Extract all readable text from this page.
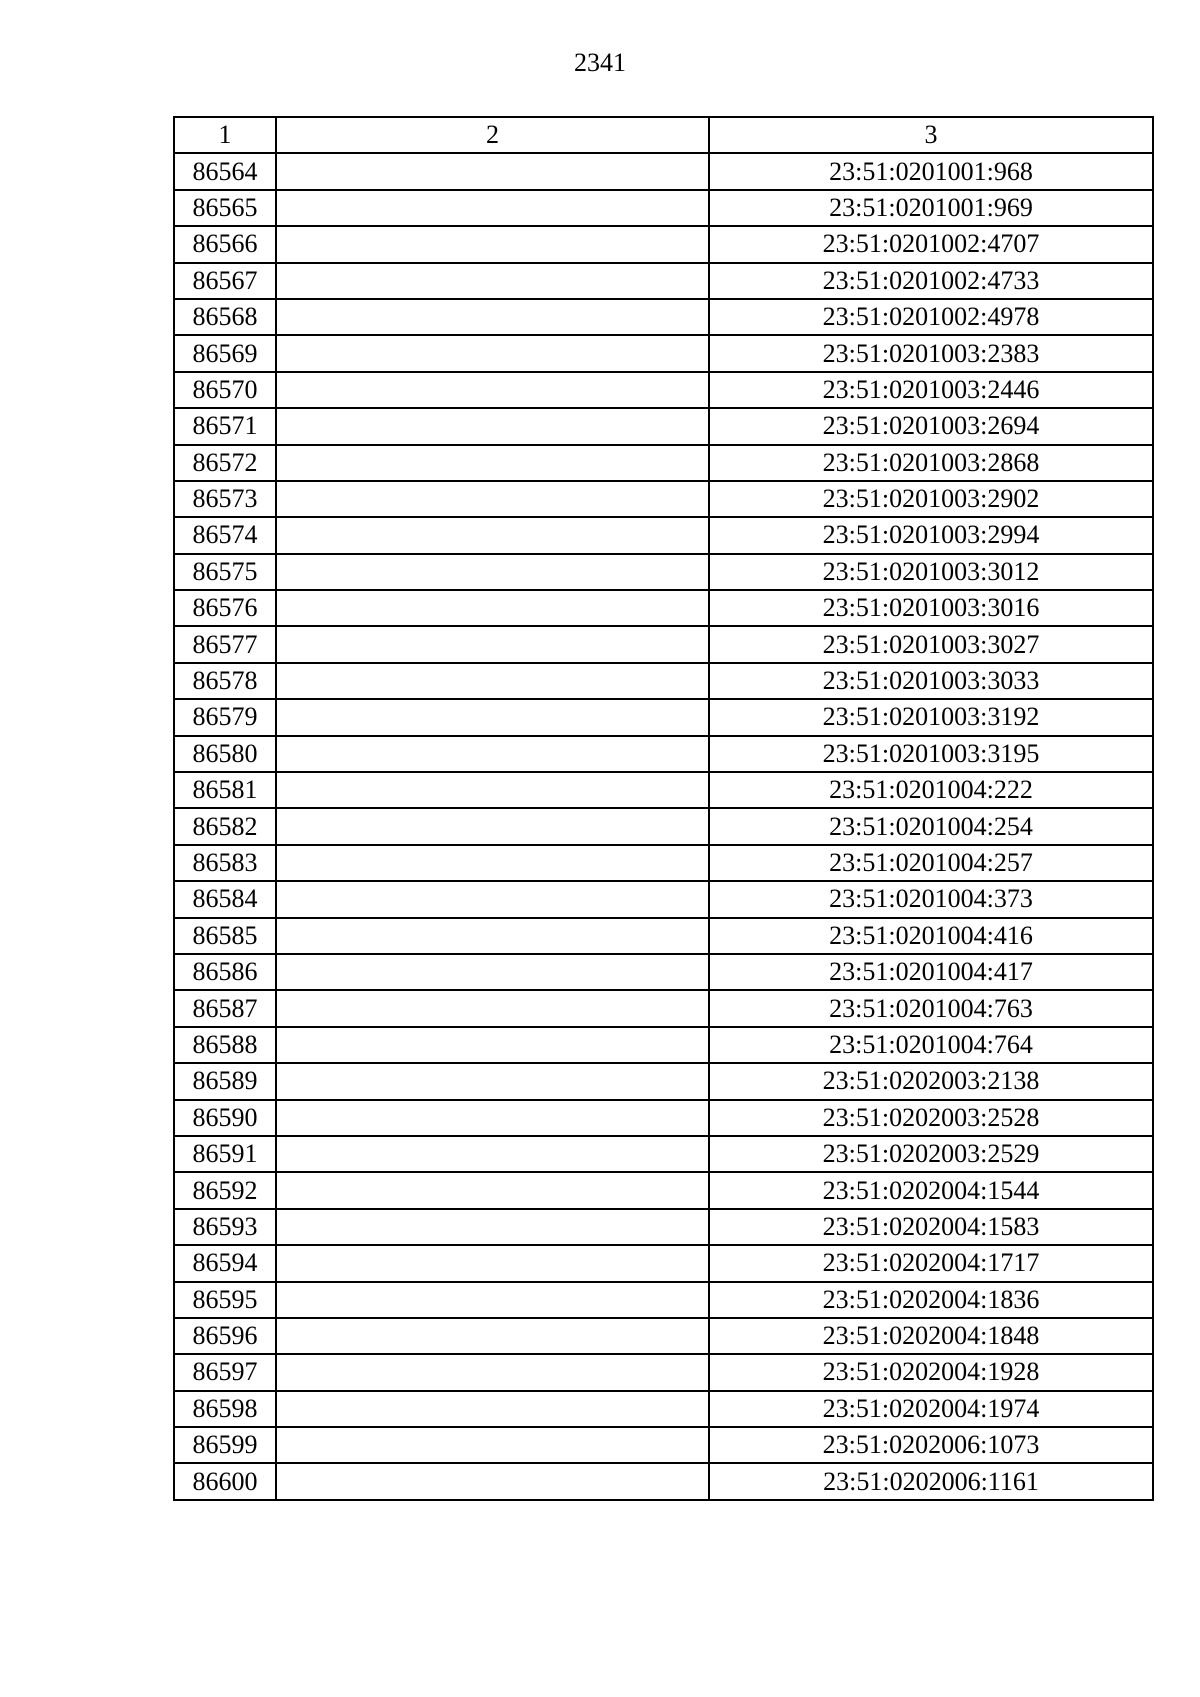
2341
1	2	3
86564		23:51:0201001:968
86565		23:51:0201001:969
86566		23:51:0201002:4707
86567		23:51:0201002:4733
86568		23:51:0201002:4978
86569		23:51:0201003:2383
86570		23:51:0201003:2446
86571		23:51:0201003:2694
86572		23:51:0201003:2868
86573		23:51:0201003:2902
86574		23:51:0201003:2994
86575		23:51:0201003:3012
86576		23:51:0201003:3016
86577		23:51:0201003:3027
86578		23:51:0201003:3033
86579		23:51:0201003:3192
86580		23:51:0201003:3195
86581		23:51:0201004:222
86582		23:51:0201004:254
86583		23:51:0201004:257
86584		23:51:0201004:373
86585		23:51:0201004:416
86586		23:51:0201004:417
86587		23:51:0201004:763
86588		23:51:0201004:764
86589		23:51:0202003:2138
86590		23:51:0202003:2528
86591		23:51:0202003:2529
86592		23:51:0202004:1544
86593		23:51:0202004:1583
86594		23:51:0202004:1717
86595		23:51:0202004:1836
86596		23:51:0202004:1848
86597		23:51:0202004:1928
86598		23:51:0202004:1974
86599		23:51:0202006:1073
86600		23:51:0202006:1161
